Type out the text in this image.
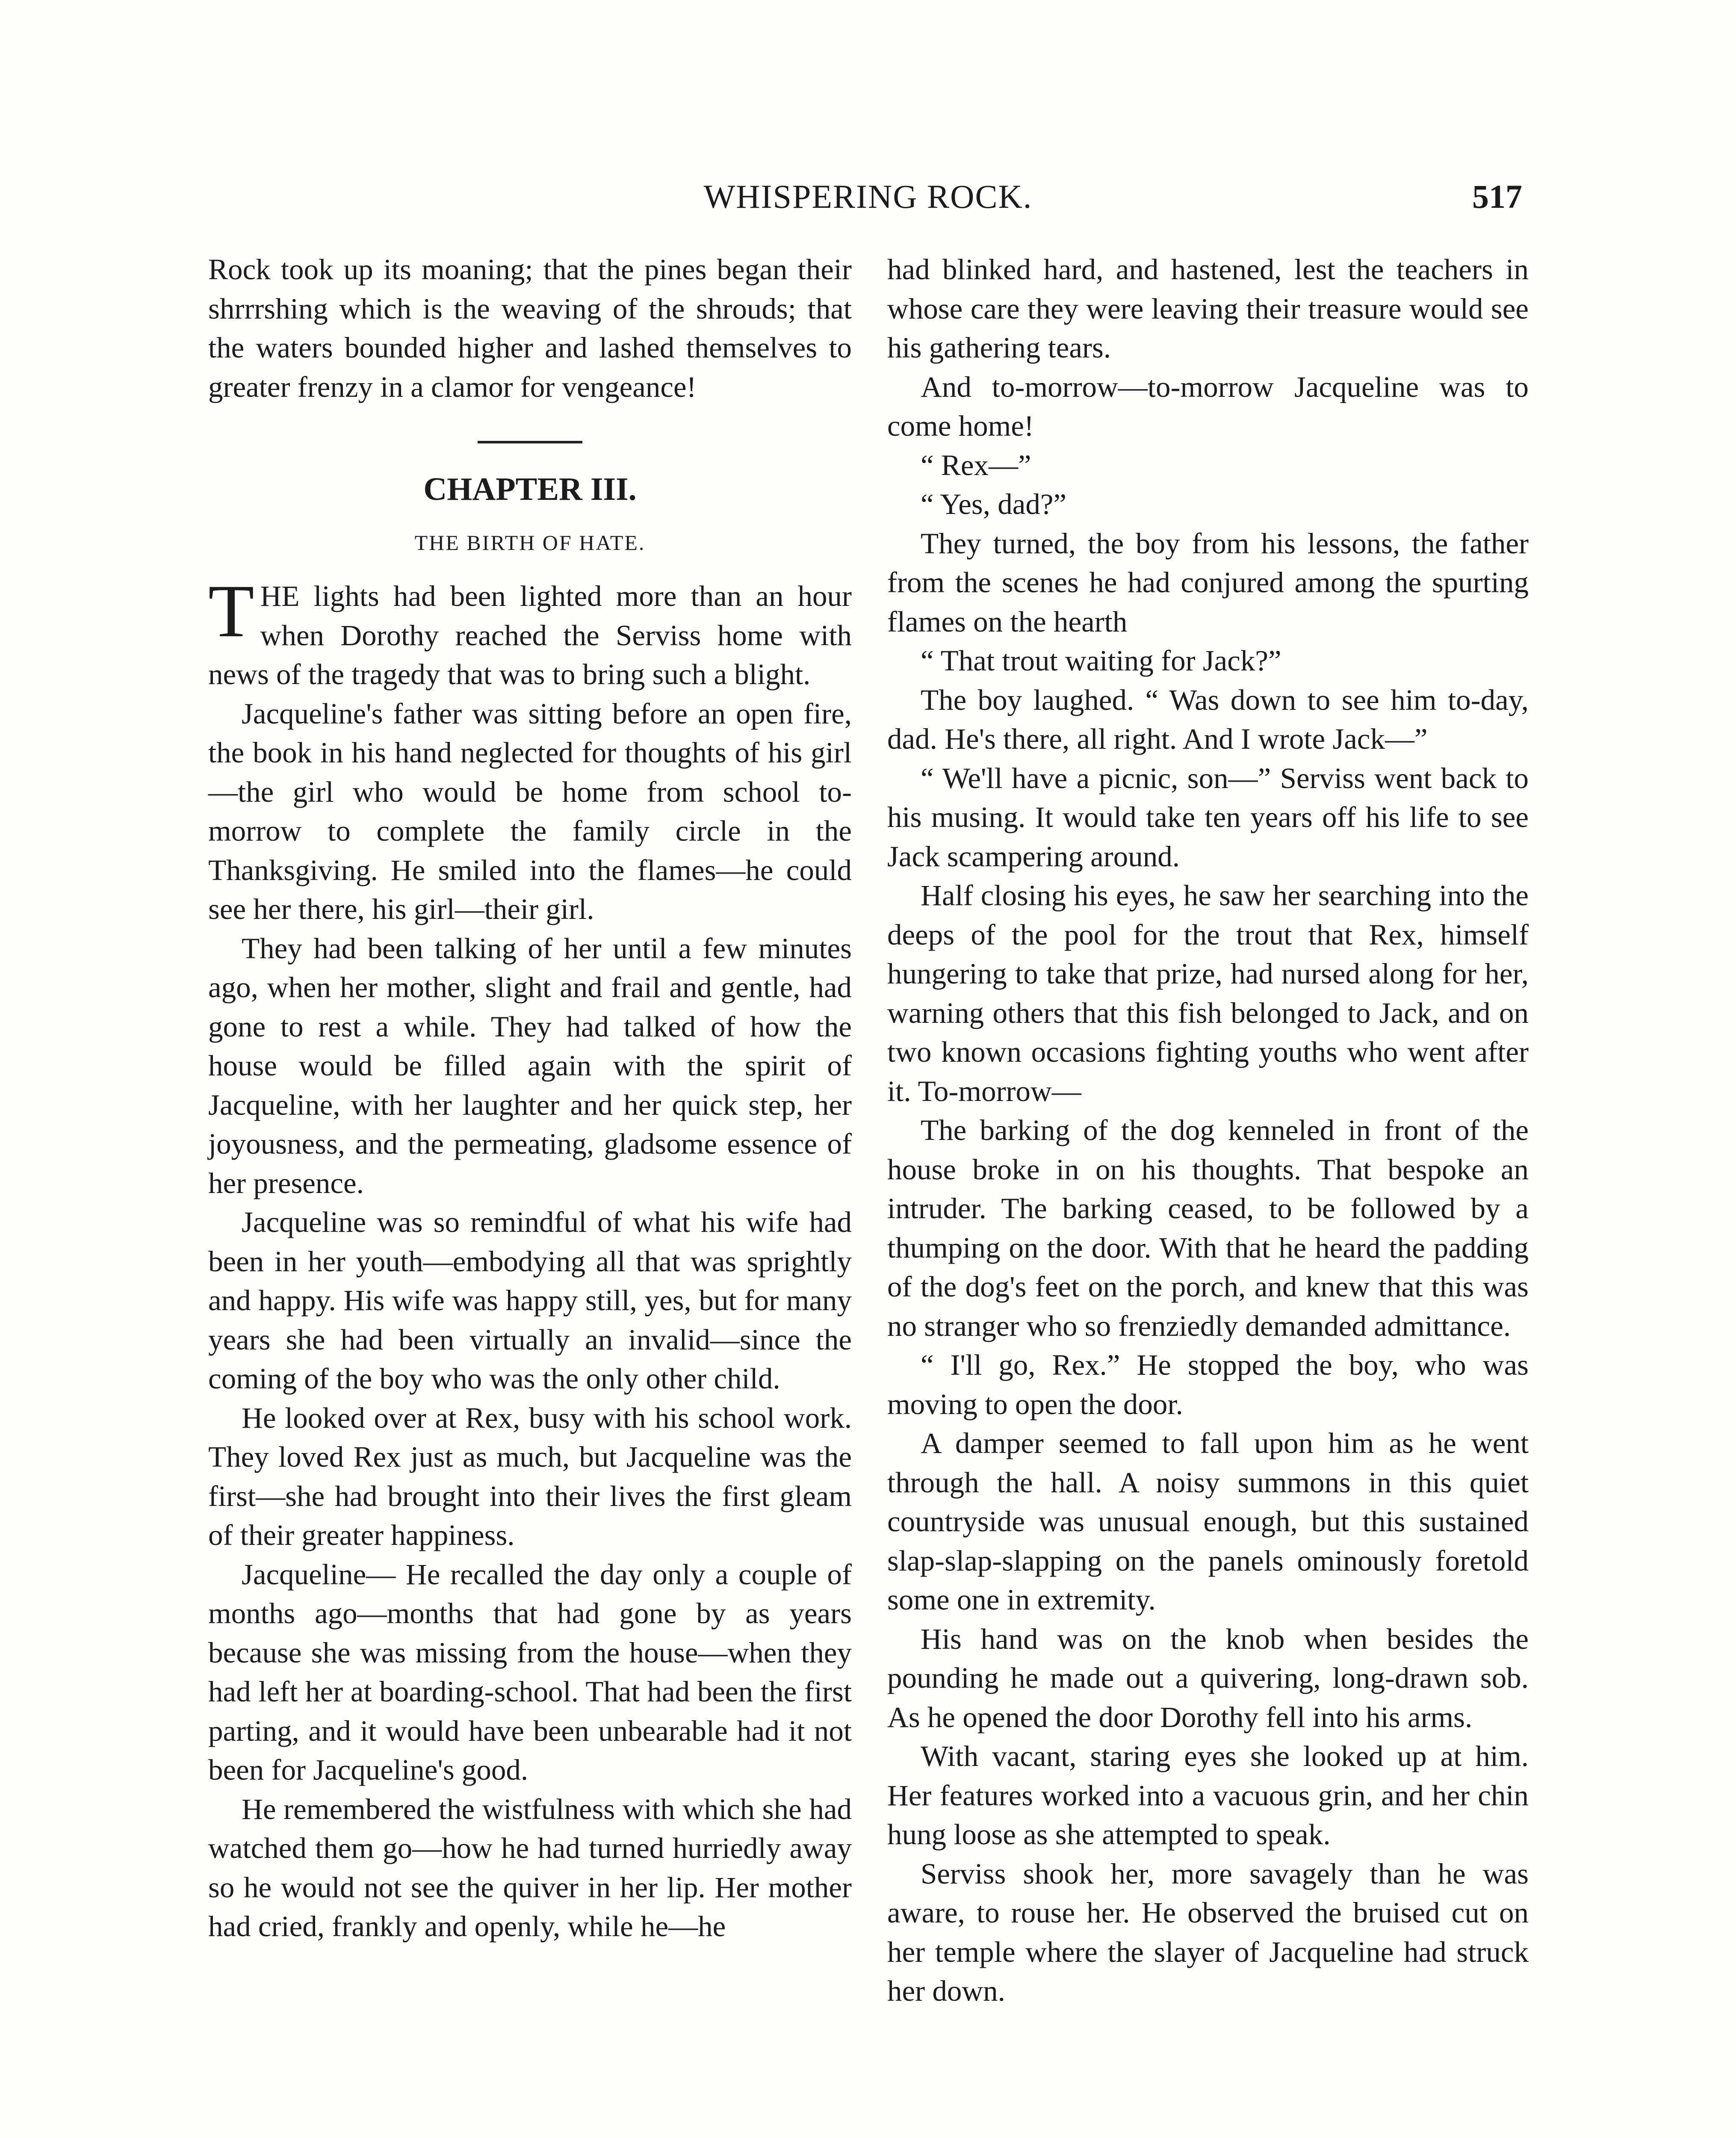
WHISPERING ROCK.	517

Rock took up its moaning; that the pines began their shrrrshing which is the weaving of the shrouds; that the waters bounded higher and lashed themselves to greater frenzy in a clamor for vengeance!

CHAPTER III.
THE BIRTH OF HATE.

THE lights had been lighted more than an hour when Dorothy reached the Serviss home with news of the tragedy that was to bring such a blight.

Jacqueline's father was sitting before an open fire, the book in his hand neglected for thoughts of his girl—the girl who would be home from school to-morrow to complete the family circle in the Thanksgiving. He smiled into the flames—he could see her there, his girl—their girl.

They had been talking of her until a few minutes ago, when her mother, slight and frail and gentle, had gone to rest a while. They had talked of how the house would be filled again with the spirit of Jacqueline, with her laughter and her quick step, her joyousness, and the permeating, gladsome essence of her presence.

Jacqueline was so remindful of what his wife had been in her youth—embodying all that was sprightly and happy. His wife was happy still, yes, but for many years she had been virtually an invalid—since the coming of the boy who was the only other child.

He looked over at Rex, busy with his school work. They loved Rex just as much, but Jacqueline was the first—she had brought into their lives the first gleam of their greater happiness.

Jacqueline— He recalled the day only a couple of months ago—months that had gone by as years because she was missing from the house—when they had left her at boarding-school. That had been the first parting, and it would have been unbearable had it not been for Jacqueline's good.

He remembered the wistfulness with which she had watched them go—how he had turned hurriedly away so he would not see the quiver in her lip. Her mother had cried, frankly and openly, while he—he

had blinked hard, and hastened, lest the teachers in whose care they were leaving their treasure would see his gathering tears.

And to-morrow—to-morrow Jacqueline was to come home!

“ Rex—”

“ Yes, dad?”

They turned, the boy from his lessons, the father from the scenes he had conjured among the spurting flames on the hearth

“ That trout waiting for Jack?”

The boy laughed. “ Was down to see him to-day, dad. He's there, all right. And I wrote Jack—”

“ We'll have a picnic, son—” Serviss went back to his musing. It would take ten years off his life to see Jack scampering around.

Half closing his eyes, he saw her searching into the deeps of the pool for the trout that Rex, himself hungering to take that prize, had nursed along for her, warning others that this fish belonged to Jack, and on two known occasions fighting youths who went after it. To-morrow—

The barking of the dog kenneled in front of the house broke in on his thoughts. That bespoke an intruder. The barking ceased, to be followed by a thumping on the door. With that he heard the padding of the dog's feet on the porch, and knew that this was no stranger who so frenziedly demanded admittance.

“ I'll go, Rex.” He stopped the boy, who was moving to open the door.

A damper seemed to fall upon him as he went through the hall. A noisy summons in this quiet countryside was unusual enough, but this sustained slap-slap-slapping on the panels ominously foretold some one in extremity.

His hand was on the knob when besides the pounding he made out a quivering, long-drawn sob. As he opened the door Dorothy fell into his arms.

With vacant, staring eyes she looked up at him. Her features worked into a vacuous grin, and her chin hung loose as she attempted to speak.

Serviss shook her, more savagely than he was aware, to rouse her. He observed the bruised cut on her temple where the slayer of Jacqueline had struck her down.
